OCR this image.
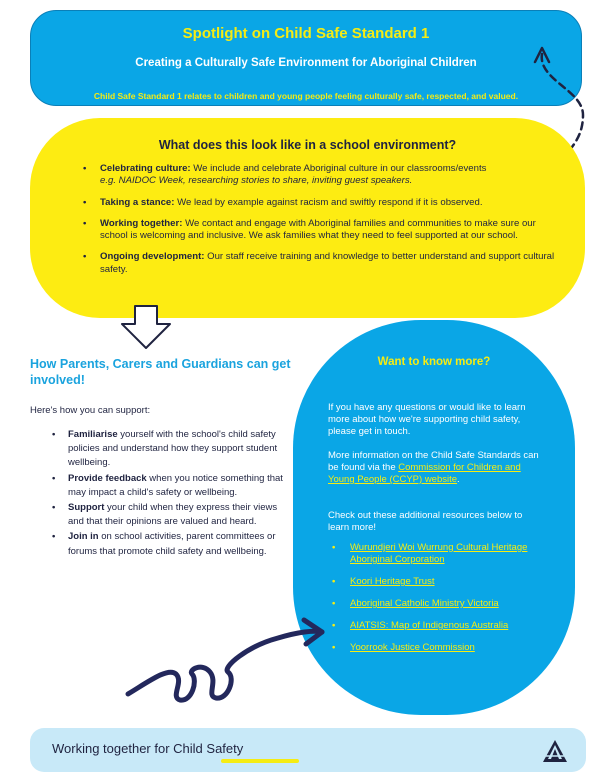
Spotlight on Child Safe Standard 1
Creating a Culturally Safe Environment for Aboriginal Children
Child Safe Standard 1 relates to children and young people feeling culturally safe, respected, and valued.
What does this look like in a school environment?
• Celebrating culture: We include and celebrate Aboriginal culture in our classrooms/events
e.g. NAIDOC Week, researching stories to share, inviting guest speakers.
• Taking a stance: We lead by example against racism and swiftly respond if it is observed.
• Working together: We contact and engage with Aboriginal families and communities to make sure our school is welcoming and inclusive. We ask families what they need to feel supported at our school.
• Ongoing development: Our staff receive training and knowledge to better understand and support cultural safety.
How Parents, Carers and Guardians can get involved!
Here's how you can support:
• Familiarise yourself with the school's child safety policies and understand how they support student wellbeing.
• Provide feedback when you notice something that may impact a child's safety or wellbeing.
• Support your child when they express their views and that their opinions are valued and heard.
• Join in on school activities, parent committees or forums that promote child safety and wellbeing.
Want to know more?
If you have any questions or would like to learn more about how we're supporting child safety, please get in touch.
More information on the Child Safe Standards can be found via the Commission for Children and Young People (CCYP) website.
Check out these additional resources below to learn more!
• Wurundjeri Woi Wurrung Cultural Heritage Aboriginal Corporation
• Koori Heritage Trust
• Aboriginal Catholic Ministry Victoria
• AIATSIS: Map of Indigenous Australia
• Yoorrook Justice Commission
Working together for Child Safety
